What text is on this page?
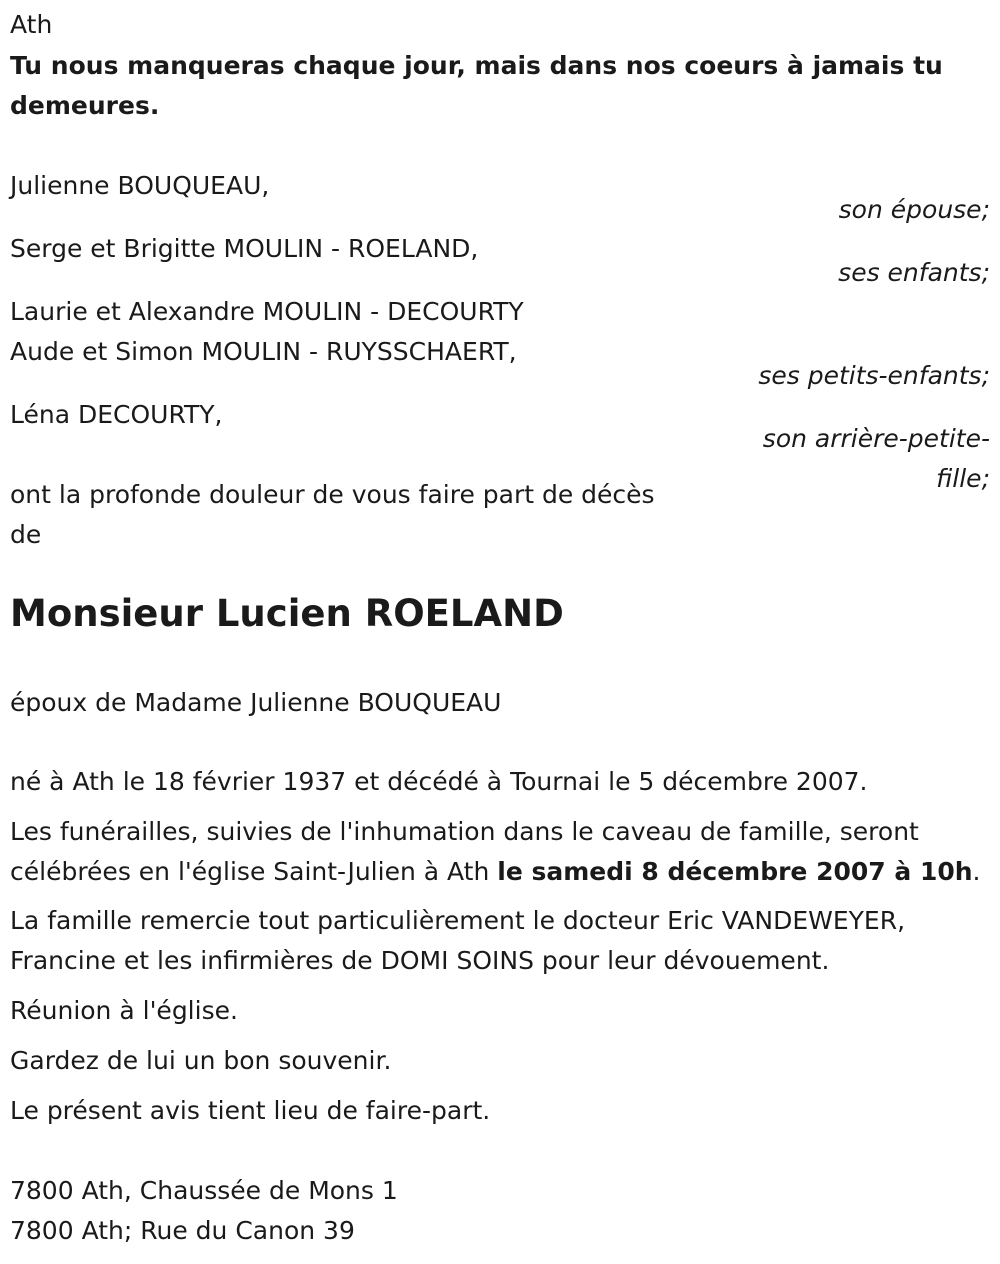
Ath
Tu nous manqueras chaque jour, mais dans nos coeurs à jamais tu
demeures.
Julienne BOUQUEAU,
son épouse;
Serge et Brigitte MOULIN - ROELAND,
ses enfants;
Laurie et Alexandre MOULIN - DECOURTY
Aude et Simon MOULIN - RUYSSCHAERT,
ses petits-enfants;
Léna DECOURTY,
son arrière-petite-
fille;
ont la profonde douleur de vous faire part de décès
de
Monsieur Lucien ROELAND
époux de Madame Julienne BOUQUEAU
né à Ath le 18 février 1937 et décédé à Tournai le 5 décembre 2007.
Les funérailles, suivies de l'inhumation dans le caveau de famille, seront
célébrées en l'église Saint-Julien à Ath le samedi 8 décembre 2007 à 10h.
La famille remercie tout particulièrement le docteur Eric VANDEWEYER,
Francine et les infirmières de DOMI SOINS pour leur dévouement.
Réunion à l'église.
Gardez de lui un bon souvenir.
Le présent avis tient lieu de faire-part.
7800 Ath, Chaussée de Mons 1
7800 Ath; Rue du Canon 39
